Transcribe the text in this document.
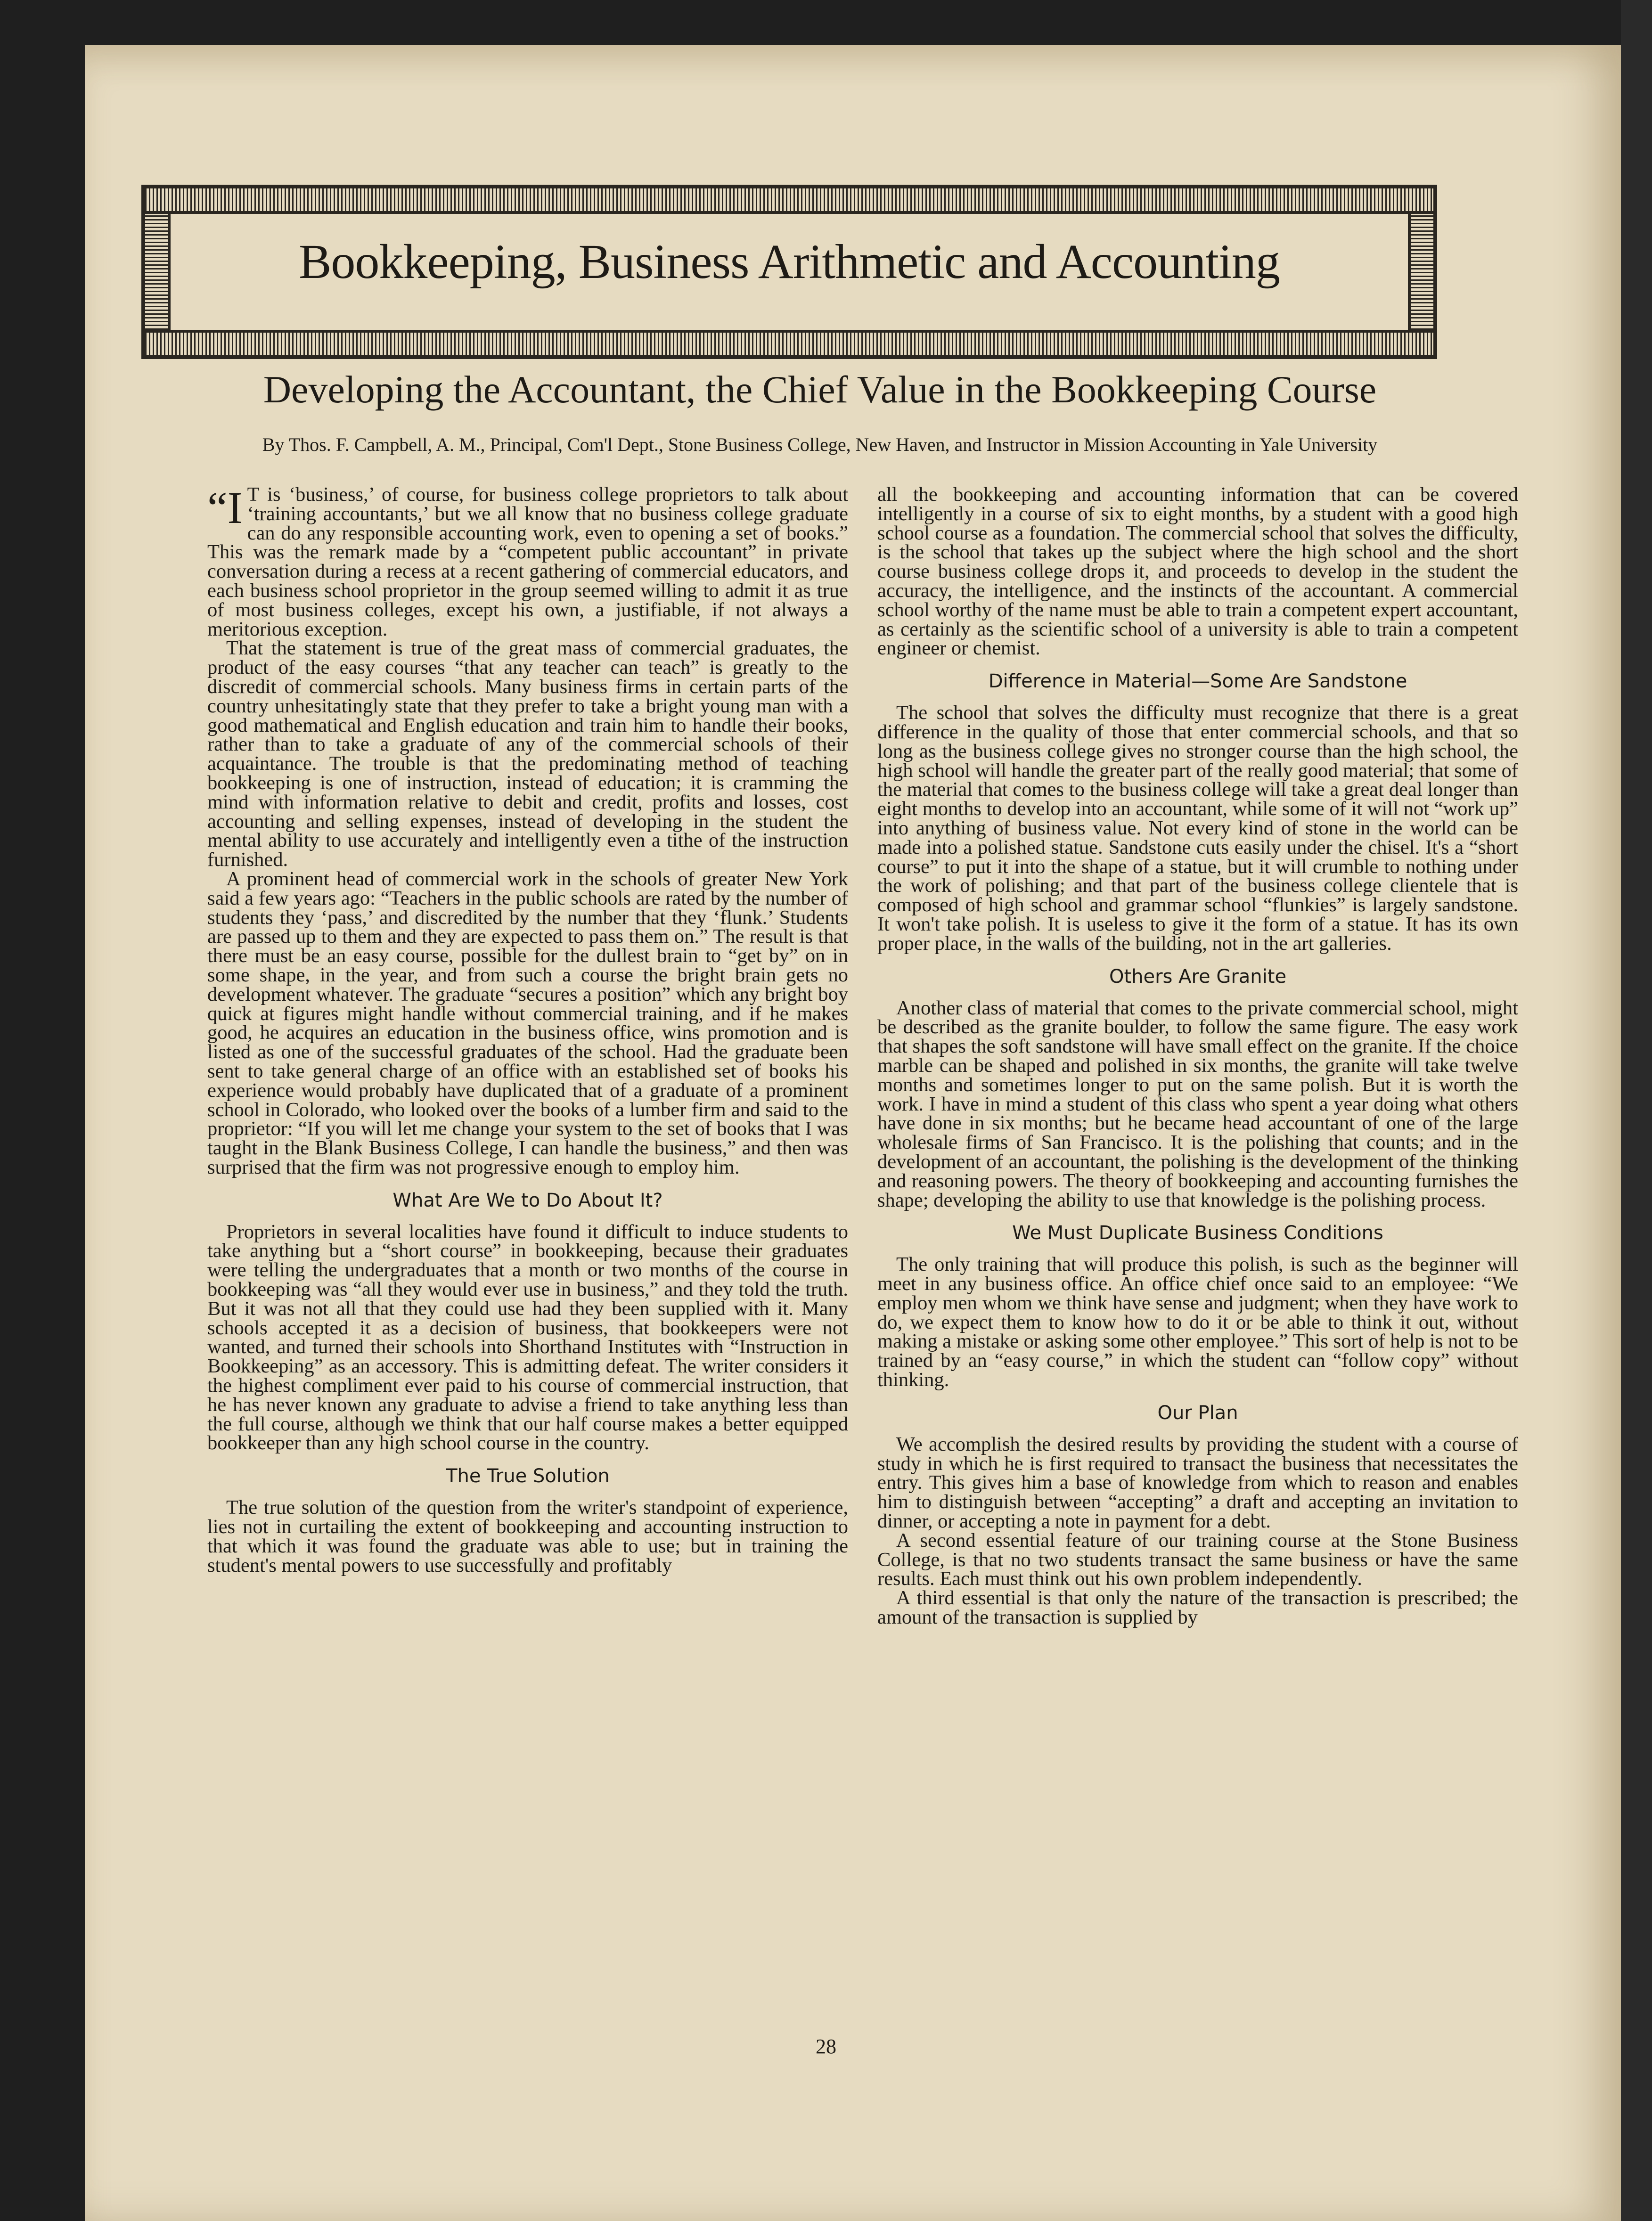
Bookkeeping, Business Arithmetic and Accounting
Developing the Accountant, the Chief Value in the Bookkeeping Course
By Thos. F. Campbell, A. M., Principal, Com'l Dept., Stone Business College, New Haven, and Instructor in Mission Accounting in Yale University

“I T is ‘business,’ of course, for business college proprietors to talk about ‘training accountants,’ but we all know that no business college graduate can do any responsible accounting work, even to opening a set of books.” This was the remark made by a “competent public accountant” in private conversation during a recess at a recent gathering of commercial educators, and each business school proprietor in the group seemed willing to admit it as true of most business colleges, except his own, a justifiable, if not always a meritorious exception.

That the statement is true of the great mass of commercial graduates, the product of the easy courses “that any teacher can teach” is greatly to the discredit of commercial schools. Many business firms in certain parts of the country unhesitatingly state that they prefer to take a bright young man with a good mathematical and English education and train him to handle their books, rather than to take a graduate of any of the commercial schools of their acquaintance. The trouble is that the predominating method of teaching bookkeeping is one of instruction, instead of education; it is cramming the mind with information relative to debit and credit, profits and losses, cost accounting and selling expenses, instead of developing in the student the mental ability to use accurately and intelligently even a tithe of the instruction furnished.

A prominent head of commercial work in the schools of greater New York said a few years ago: “Teachers in the public schools are rated by the number of students they ‘pass,’ and discredited by the number that they ‘flunk.’ Students are passed up to them and they are expected to pass them on.” The result is that there must be an easy course, possible for the dullest brain to “get by” on in some shape, in the year, and from such a course the bright brain gets no development whatever. The graduate “secures a position” which any bright boy quick at figures might handle without commercial training, and if he makes good, he acquires an education in the business office, wins promotion and is listed as one of the successful graduates of the school. Had the graduate been sent to take general charge of an office with an established set of books his experience would probably have duplicated that of a graduate of a prominent school in Colorado, who looked over the books of a lumber firm and said to the proprietor: “If you will let me change your system to the set of books that I was taught in the Blank Business College, I can handle the business,” and then was surprised that the firm was not progressive enough to employ him.

What Are We to Do About It?

Proprietors in several localities have found it difficult to induce students to take anything but a “short course” in bookkeeping, because their graduates were telling the undergraduates that a month or two months of the course in bookkeeping was “all they would ever use in business,” and they told the truth. But it was not all that they could use had they been supplied with it. Many schools accepted it as a decision of business, that bookkeepers were not wanted, and turned their schools into Shorthand Institutes with “Instruction in Bookkeeping” as an accessory. This is admitting defeat. The writer considers it the highest compliment ever paid to his course of commercial instruction, that he has never known any graduate to advise a friend to take anything less than the full course, although we think that our half course makes a better equipped bookkeeper than any high school course in the country.

The True Solution

The true solution of the question from the writer's standpoint of experience, lies not in curtailing the extent of bookkeeping and accounting instruction to that which it was found the graduate was able to use; but in training the student's mental powers to use successfully and profitably

all the bookkeeping and accounting information that can be covered intelligently in a course of six to eight months, by a student with a good high school course as a foundation. The commercial school that solves the difficulty, is the school that takes up the subject where the high school and the short course business college drops it, and proceeds to develop in the student the accuracy, the intelligence, and the instincts of the accountant. A commercial school worthy of the name must be able to train a competent expert accountant, as certainly as the scientific school of a university is able to train a competent engineer or chemist.

Difference in Material—Some Are Sandstone

The school that solves the difficulty must recognize that there is a great difference in the quality of those that enter commercial schools, and that so long as the business college gives no stronger course than the high school, the high school will handle the greater part of the really good material; that some of the material that comes to the business college will take a great deal longer than eight months to develop into an accountant, while some of it will not “work up” into anything of business value. Not every kind of stone in the world can be made into a polished statue. Sandstone cuts easily under the chisel. It's a “short course” to put it into the shape of a statue, but it will crumble to nothing under the work of polishing; and that part of the business college clientele that is composed of high school and grammar school “flunkies” is largely sandstone. It won't take polish. It is useless to give it the form of a statue. It has its own proper place, in the walls of the building, not in the art galleries.

Others Are Granite

Another class of material that comes to the private commercial school, might be described as the granite boulder, to follow the same figure. The easy work that shapes the soft sandstone will have small effect on the granite. If the choice marble can be shaped and polished in six months, the granite will take twelve months and sometimes longer to put on the same polish. But it is worth the work. I have in mind a student of this class who spent a year doing what others have done in six months; but he became head accountant of one of the large wholesale firms of San Francisco. It is the polishing that counts; and in the development of an accountant, the polishing is the development of the thinking and reasoning powers. The theory of bookkeeping and accounting furnishes the shape; developing the ability to use that knowledge is the polishing process.

We Must Duplicate Business Conditions

The only training that will produce this polish, is such as the beginner will meet in any business office. An office chief once said to an employee: “We employ men whom we think have sense and judgment; when they have work to do, we expect them to know how to do it or be able to think it out, without making a mistake or asking some other employee.” This sort of help is not to be trained by an “easy course,” in which the student can “follow copy” without thinking.

Our Plan

We accomplish the desired results by providing the student with a course of study in which he is first required to transact the business that necessitates the entry. This gives him a base of knowledge from which to reason and enables him to distinguish between “accepting” a draft and accepting an invitation to dinner, or accepting a note in payment for a debt.

A second essential feature of our training course at the Stone Business College, is that no two students transact the same business or have the same results. Each must think out his own problem independently.

A third essential is that only the nature of the transaction is prescribed; the amount of the transaction is supplied by

28
